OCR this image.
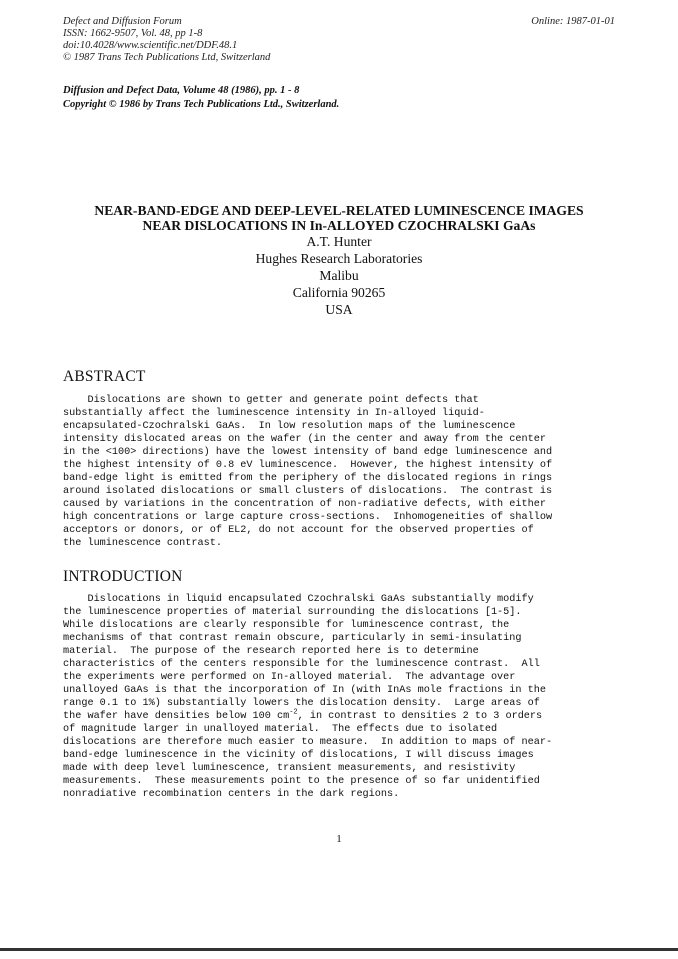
Defect and Diffusion Forum
ISSN: 1662-9507, Vol. 48, pp 1-8
doi:10.4028/www.scientific.net/DDF.48.1
© 1987 Trans Tech Publications Ltd, Switzerland
Online: 1987-01-01
Diffusion and Defect Data, Volume 48 (1986), pp. 1 - 8
Copyright © 1986 by Trans Tech Publications Ltd., Switzerland.
NEAR-BAND-EDGE AND DEEP-LEVEL-RELATED LUMINESCENCE IMAGES
NEAR DISLOCATIONS IN In-ALLOYED CZOCHRALSKI GaAs
A.T. Hunter
Hughes Research Laboratories
Malibu
California 90265
USA
ABSTRACT
Dislocations are shown to getter and generate point defects that
substantially affect the luminescence intensity in In-alloyed liquid-
encapsulated-Czochralski GaAs.  In low resolution maps of the luminescence
intensity dislocated areas on the wafer (in the center and away from the center
in the <100> directions) have the lowest intensity of band edge luminescence and
the highest intensity of 0.8 eV luminescence.  However, the highest intensity of
band-edge light is emitted from the periphery of the dislocated regions in rings
around isolated dislocations or small clusters of dislocations.  The contrast is
caused by variations in the concentration of non-radiative defects, with either
high concentrations or large capture cross-sections.  Inhomogeneities of shallow
acceptors or donors, or of EL2, do not account for the observed properties of
the luminescence contrast.
INTRODUCTION
Dislocations in liquid encapsulated Czochralski GaAs substantially modify
the luminescence properties of material surrounding the dislocations [1-5].
While dislocations are clearly responsible for luminescence contrast, the
mechanisms of that contrast remain obscure, particularly in semi-insulating
material.  The purpose of the research reported here is to determine
characteristics of the centers responsible for the luminescence contrast.  All
the experiments were performed on In-alloyed material.  The advantage over
unalloyed GaAs is that the incorporation of In (with InAs mole fractions in the
range 0.1 to 1%) substantially lowers the dislocation density.  Large areas of
the wafer have densities below 100 $cm^{-2}$, in contrast to densities 2 to 3 orders
of magnitude larger in unalloyed material.  The effects due to isolated
dislocations are therefore much easier to measure.  In addition to maps of near-
band-edge luminescence in the vicinity of dislocations, I will discuss images
made with deep level luminescence, transient measurements, and resistivity
measurements.  These measurements point to the presence of so far unidentified
nonradiative recombination centers in the dark regions.
1
